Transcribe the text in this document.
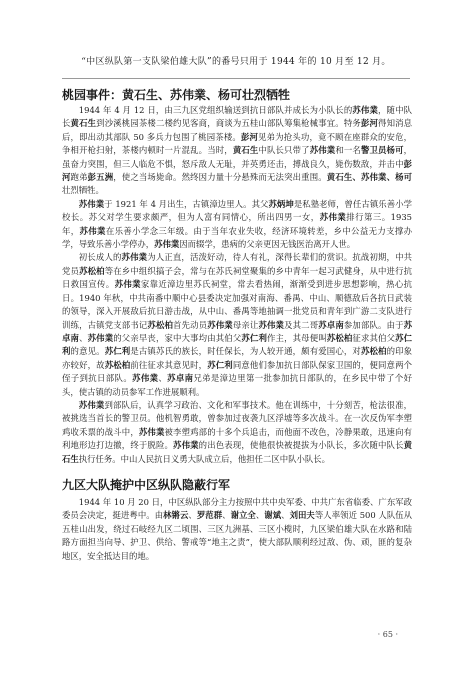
“中区纵队第一支队梁伯雄大队”的番号只用于 1944 年的 10 月至 12 月。
桃园事件：黄石生、苏伟業、杨可壮烈牺牲

1944 年 4 月 12 日，由三九区党组织输送到抗日部队并成长为小队长的苏伟業，随中队长黄石生到沙溪桃园茶楼二楼约见客商，商谈为五桂山部队筹集枪械事宜。特务彭河得知消息后，即出动其部队 50 多兵力包围了桃园茶楼。彭河见弟为抢头功，竟不顾在座群众的安危，争相开枪扫射，茶楼内顿时一片混乱。当时，黄石生中队长只带了苏伟業和一名警卫员杨可，虽奋力突围，但三人临危不惧，怒斥敌人无耻，并英勇还击，搏战良久，毙伤数敌，并击中彭河跑弟彭五洲，使之当场毙命。然终因力量十分悬殊而无法突出重围。黄石生、苏伟業、杨可壮烈牺牲。

苏伟業于 1921 年 4 月出生，古镇漳边里人。其父苏炳坤是私塾老师，曾任古镇乐善小学校长。苏父对学生要求颇严，但为人富有同情心，所出四男一女，苏伟業排行第三。1935 年，苏伟業在乐善小学念三年级。由于当年农业失收，经济环境转差，乡中公益无力支撑办学，导致乐善小学停办，苏伟業因而辍学，患病的父亲更因无钱医治离开人世。

初长成人的苏伟業为人正直，活泼好动，待人有礼，深得长辈们的赏识。抗战初期，中共党员苏松柏等在乡中组织搞子会，常与在苏氏祠堂聚集的乡中青年一起习武健身，从中进行抗日救国宣传。苏伟業家靠近漳边里苏氏祠堂，常去看热闹，渐渐受到进步思想影响，热心抗日。1940 年秋，中共南番中顺中心县委决定加强对南海、番禺、中山、顺德敌后各抗日武装的领导，深入开展敌后抗日游击战，从中山、番禺等地抽调一批党员和青年到广游二支队进行训练，古镇党支部书记苏松柏首先动员苏伟業母亲让苏伟業及其二哥苏卓南参加部队。由于苏卓南、苏伟業的父亲早丧，家中大事均由其伯父苏仁利作主，其母便叫苏松柏征求其伯父苏仁利的意见。苏仁利是古镇苏氏的族长，时任保长，为人较开通，颇有爱国心，对苏松柏的印象亦较好，故苏松柏前往征求其意见时，苏仁利同意他们参加抗日部队保家卫国的，便同意两个侄子到抗日部队。苏伟業、苏卓南兄弟是漳边里第一批参加抗日部队的，在乡民中带了个好头，使古镇的动员参军工作进展顺利。

苏伟業到部队后，认真学习政治、文化和军事技术。他在训练中，十分刻苦，枪法很准，被挑选当首长的警卫员。他机智勇敢，曾参加过夜袭九区浮墟等多次战斗。在一次反伪军李塑鸡收禾票的战斗中，苏伟業被李塑鸡部的十多个兵追击，而他面不改色，冷静果敢，迅速向有利地形边打边撤，终于脱险。苏伟業的出色表现，使他很快被提拔为小队长，多次随中队长黄石生执行任务。中山人民抗日义勇大队成立后，他担任二区中队小队长。

九区大队掩护中区纵队隐蔽行军

1944 年 10 月 20 日，中区纵队部分主力按照中共中央军委、中共广东省临委、广东军政委员会决定，挺进粤中。由林锵云、罗范群、谢立全、谢斌、刘田夫等人率领近 500 人队伍从五桂山出发，绕过石岐经九区二顷围、三区九洲基、三区小榄时，九区梁伯雄大队在水路和陆路方面担当向导、护卫、供给、警戒等“地主之责”，使大部队顺利经过敌、伪、顽，匪的复杂地区，安全抵达目的地。

· 65 ·
